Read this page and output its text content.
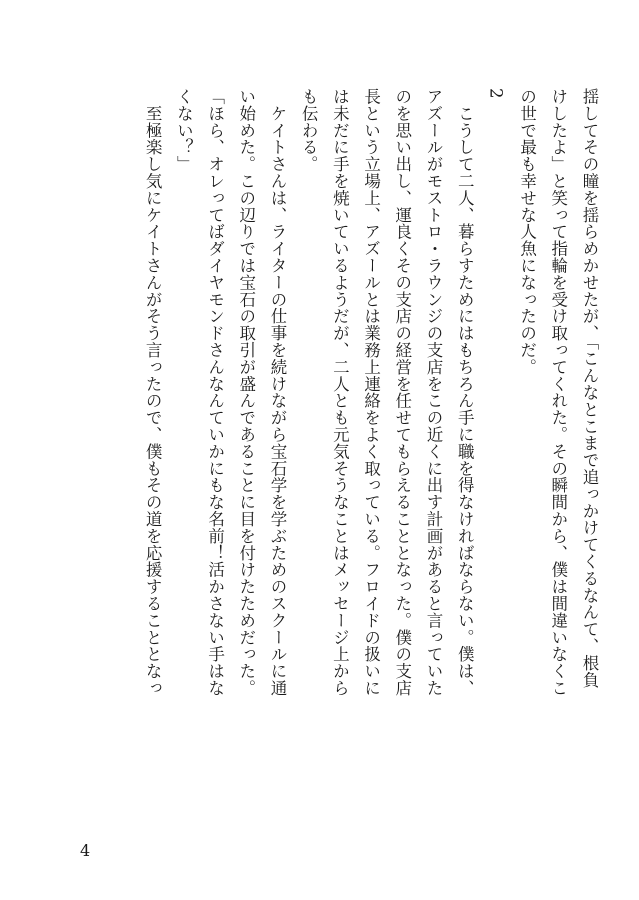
揺してその瞳を揺らめかせたが、「こんなとこまで追っかけてくるなんて、根負
けしたよ」と笑って指輪を受け取ってくれた。その瞬間から、僕は間違いなくこ
の世で最も幸せな人魚になったのだ。
2
　こうして二人、暮らすためにはもちろん手に職を得なければならない。僕は、
アズールがモストロ・ラウンジの支店をこの近くに出す計画があると言っていた
のを思い出し、運良くその支店の経営を任せてもらえることとなった。僕の支店
長という立場上、アズールとは業務上連絡をよく取っている。フロイドの扱いに
は未だに手を焼いているようだが、二人とも元気そうなことはメッセージ上から
も伝わる。
　ケイトさんは、ライターの仕事を続けながら宝石学を学ぶためのスクールに通
い始めた。この辺りでは宝石の取引が盛んであることに目を付けたためだった。
「ほら、オレってばダイヤモンドさんなんていかにもな名前！活かさない手はな
くない？」
　至極楽し気にケイトさんがそう言ったので、僕もその道を応援することとなっ
4
